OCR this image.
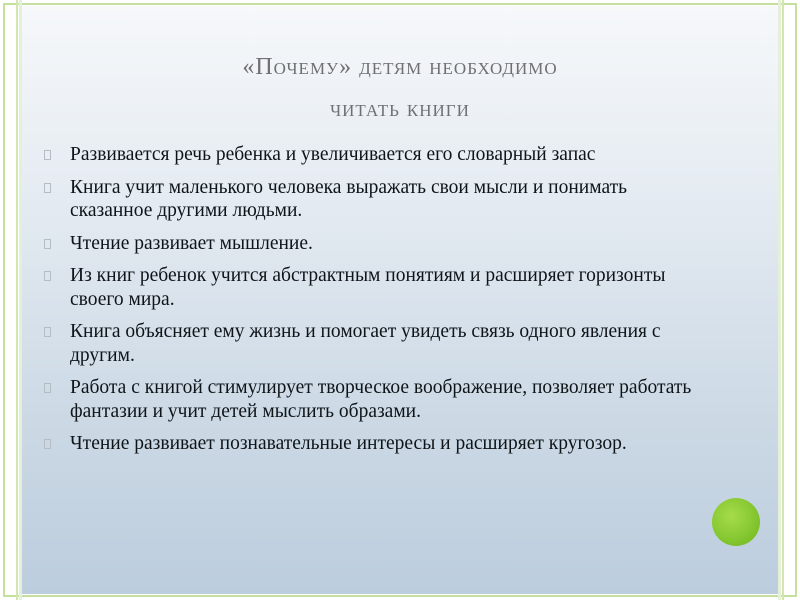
«Почему» детям необходимо
читать книги
Развивается речь ребенка и увеличивается его словарный запас
Книга учит маленького человека выражать свои мысли и понимать сказанное другими людьми.
Чтение развивает мышление.
Из книг ребенок учится абстрактным понятиям и расширяет горизонты своего мира.
Книга объясняет ему жизнь и помогает увидеть связь одного явления с другим.
Работа с книгой стимулирует творческое воображение, позволяет работать фантазии и учит детей мыслить образами.
Чтение развивает познавательные интересы и расширяет кругозор.
